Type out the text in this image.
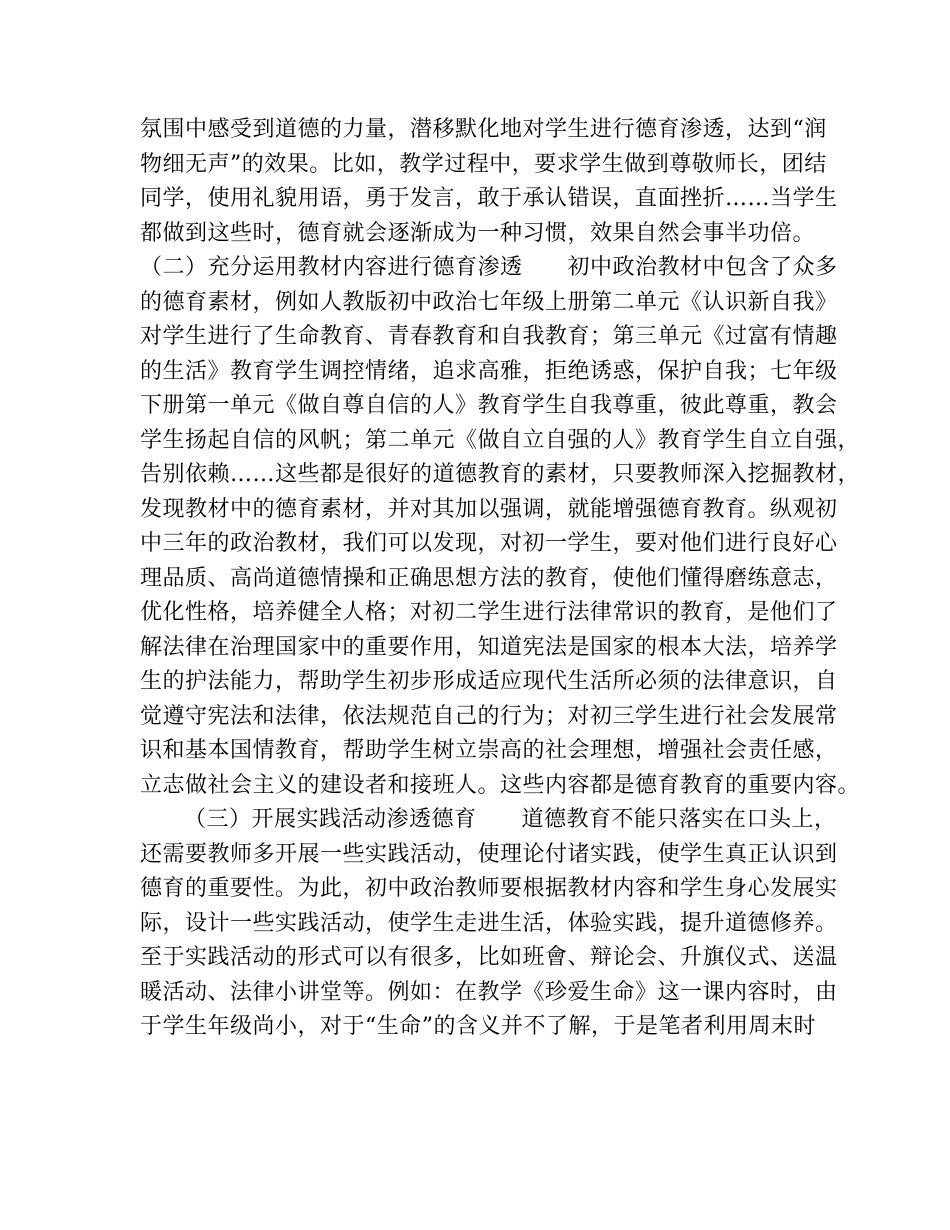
氛围中感受到道德的力量，潜移默化地对学生进行德育渗透，达到“润
物细无声”的效果。比如，教学过程中，要求学生做到尊敬师长，团结
同学，使用礼貌用语，勇于发言，敢于承认错误，直面挫折……当学生
都做到这些时，德育就会逐渐成为一种习惯，效果自然会事半功倍。
（二）充分运用教材内容进行德育渗透　　初中政治教材中包含了众多
的德育素材，例如人教版初中政治七年级上册第二单元《认识新自我》
对学生进行了生命教育、青春教育和自我教育；第三单元《过富有情趣
的生活》教育学生调控情绪，追求高雅，拒绝诱惑，保护自我；七年级
下册第一单元《做自尊自信的人》教育学生自我尊重，彼此尊重，教会
学生扬起自信的风帆；第二单元《做自立自强的人》教育学生自立自强，
告别依赖……这些都是很好的道德教育的素材，只要教师深入挖掘教材，
发现教材中的德育素材，并对其加以强调，就能增强德育教育。纵观初
中三年的政治教材，我们可以发现，对初一学生，要对他们进行良好心
理品质、高尚道德情操和正确思想方法的教育，使他们懂得磨练意志，
优化性格，培养健全人格；对初二学生进行法律常识的教育，是他们了
解法律在治理国家中的重要作用，知道宪法是国家的根本大法，培养学
生的护法能力，帮助学生初步形成适应现代生活所必须的法律意识，自
觉遵守宪法和法律，依法规范自己的行为；对初三学生进行社会发展常
识和基本国情教育，帮助学生树立崇高的社会理想，增强社会责任感，
立志做社会主义的建设者和接班人。这些内容都是德育教育的重要内容。
（三）开展实践活动渗透德育　　道德教育不能只落实在口头上，
还需要教师多开展一些实践活动，使理论付诸实践，使学生真正认识到
德育的重要性。为此，初中政治教师要根据教材内容和学生身心发展实
际，设计一些实践活动，使学生走进生活，体验实践，提升道德修养。
至于实践活动的形式可以有很多，比如班會、辩论会、升旗仪式、送温
暖活动、法律小讲堂等。例如：在教学《珍爱生命》这一课内容时，由
于学生年级尚小，对于“生命”的含义并不了解，于是笔者利用周末时
